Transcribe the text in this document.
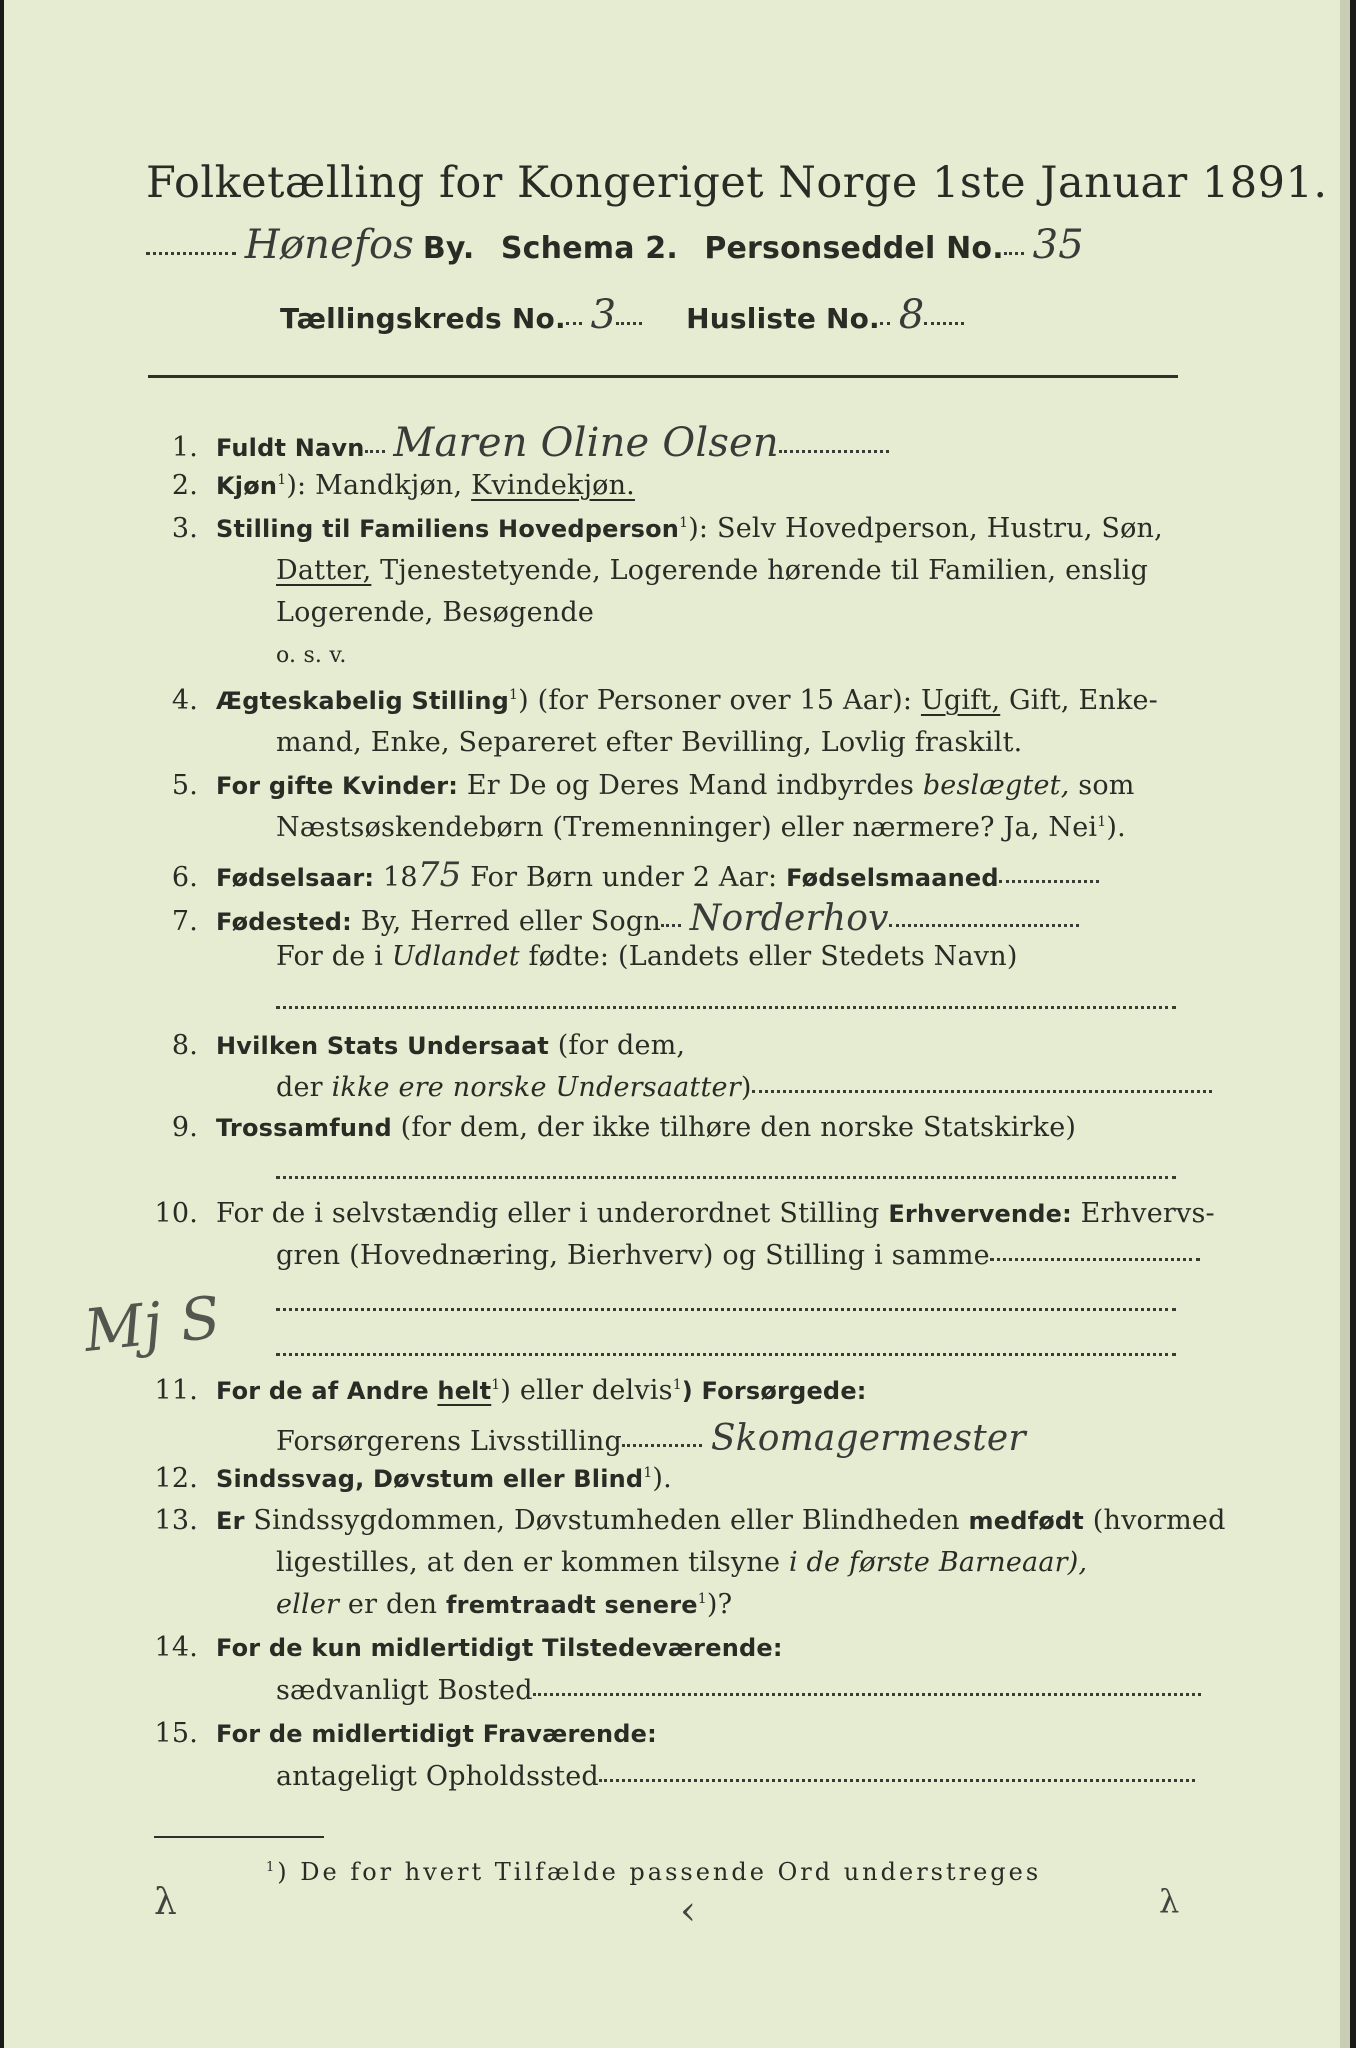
Folketælling for Kongeriget Norge 1ste Januar 1891.
Hønefos By. Schema 2. Personseddel No. 35
Tællingskreds No. 3 Husliste No. 8
1. Fuldt Navn Maren Oline Olsen
2. Kjøn$^1$): Mandkjøn, Kvindekjøn.
3. Stilling til Familiens Hovedperson$^1$): Selv Hovedperson, Hustru, Søn,
Datter, Tjenestetyende, Logerende hørende til Familien, enslig
Logerende, Besøgende
o. s. v.
4. Ægteskabelig Stilling$^1$) (for Personer over 15 Aar): Ugift, Gift, Enke-
mand, Enke, Separeret efter Bevilling, Lovlig fraskilt.
5. For gifte Kvinder: Er De og Deres Mand indbyrdes beslægtet, som
Næstsøskendebørn (Tremenninger) eller nærmere? Ja, Nei$^1$).
6. Fødselsaar: 1875 For Børn under 2 Aar: Fødselsmaaned
7. Fødested: By, Herred eller Sogn Norderhov
For de i Udlandet fødte: (Landets eller Stedets Navn)
8. Hvilken Stats Undersaat (for dem,
der ikke ere norske Undersaatter)
9. Trossamfund (for dem, der ikke tilhøre den norske Statskirke)
10. For de i selvstændig eller i underordnet Stilling Erhvervende: Erhvervs-
gren (Hovednæring, Bierhverv) og Stilling i samme
Mj S
11. For de af Andre helt$^1$) eller delvis$^1$) Forsørgede:
Forsørgerens Livsstilling Skomagermester
12. Sindssvag, Døvstum eller Blind$^1$).
13. Er Sindssygdommen, Døvstumheden eller Blindheden medfødt (hvormed
ligestilles, at den er kommen tilsyne i de første Barneaar),
eller er den fremtraadt senere$^1$)?
14. For de kun midlertidigt Tilstedeværende:
sædvanligt Bosted
15. For de midlertidigt Fraværende:
antageligt Opholdssted
$^1$) De for hvert Tilfælde passende Ord understreges
λ	‹	λ
